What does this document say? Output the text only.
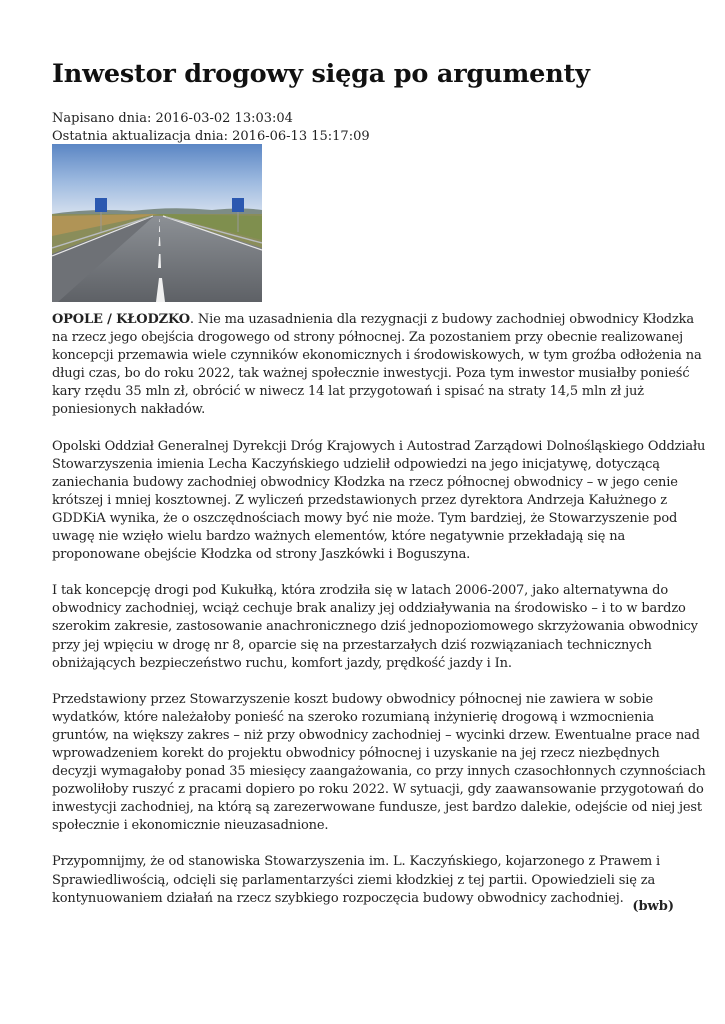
Inwestor drogowy sięga po argumenty
Napisano dnia: 2016-03-02 13:03:04
Ostatnia aktualizacja dnia: 2016-06-13 15:17:09

OPOLE / KŁODZKO. Nie ma uzasadnienia dla rezygnacji z budowy zachodniej obwodnicy Kłodzka
na rzecz jego obejścia drogowego od strony północnej. Za pozostaniem przy obecnie realizowanej
koncepcji przemawia wiele czynników ekonomicznych i środowiskowych, w tym groźba odłożenia na
długi czas, bo do roku 2022, tak ważnej społecznie inwestycji. Poza tym inwestor musiałby ponieść
kary rzędu 35 mln zł, obrócić w niwecz 14 lat przygotowań i spisać na straty 14,5 mln zł już
poniesionych nakładów.

Opolski Oddział Generalnej Dyrekcji Dróg Krajowych i Autostrad Zarządowi Dolnośląskiego Oddziału
Stowarzyszenia imienia Lecha Kaczyńskiego udzielił odpowiedzi na jego inicjatywę, dotyczącą
zaniechania budowy zachodniej obwodnicy Kłodzka na rzecz północnej obwodnicy – w jego cenie
krótszej i mniej kosztownej. Z wyliczeń przedstawionych przez dyrektora Andrzeja Kałużnego z
GDDKiA wynika, że o oszczędnościach mowy być nie może. Tym bardziej, że Stowarzyszenie pod
uwagę nie wzięło wielu bardzo ważnych elementów, które negatywnie przekładają się na
proponowane obejście Kłodzka od strony Jaszkówki i Boguszyna.

I tak koncepcję drogi pod Kukułką, która zrodziła się w latach 2006-2007, jako alternatywna do
obwodnicy zachodniej, wciąż cechuje brak analizy jej oddziaływania na środowisko – i to w bardzo
szerokim zakresie, zastosowanie anachronicznego dziś jednopoziomowego skrzyżowania obwodnicy
przy jej wpięciu w drogę nr 8, oparcie się na przestarzałych dziś rozwiązaniach technicznych
obniżających bezpieczeństwo ruchu, komfort jazdy, prędkość jazdy i In.

Przedstawiony przez Stowarzyszenie koszt budowy obwodnicy północnej nie zawiera w sobie
wydatków, które należałoby ponieść na szeroko rozumianą inżynierię drogową i wzmocnienia
gruntów, na większy zakres – niż przy obwodnicy zachodniej – wycinki drzew. Ewentualne prace nad
wprowadzeniem korekt do projektu obwodnicy północnej i uzyskanie na jej rzecz niezbędnych
decyzji wymagałoby ponad 35 miesięcy zaangażowania, co przy innych czasochłonnych czynnościach
pozwoliłoby ruszyć z pracami dopiero po roku 2022. W sytuacji, gdy zaawansowanie przygotowań do
inwestycji zachodniej, na którą są zarezerwowane fundusze, jest bardzo dalekie, odejście od niej jest
społecznie i ekonomicznie nieuzasadnione.

Przypomnijmy, że od stanowiska Stowarzyszenia im. L. Kaczyńskiego, kojarzonego z Prawem i
Sprawiedliwością, odcięli się parlamentarzyści ziemi kłodzkiej z tej partii. Opowiedzieli się za
kontynuowaniem działań na rzecz szybkiego rozpoczęcia budowy obwodnicy zachodniej.

(bwb)
